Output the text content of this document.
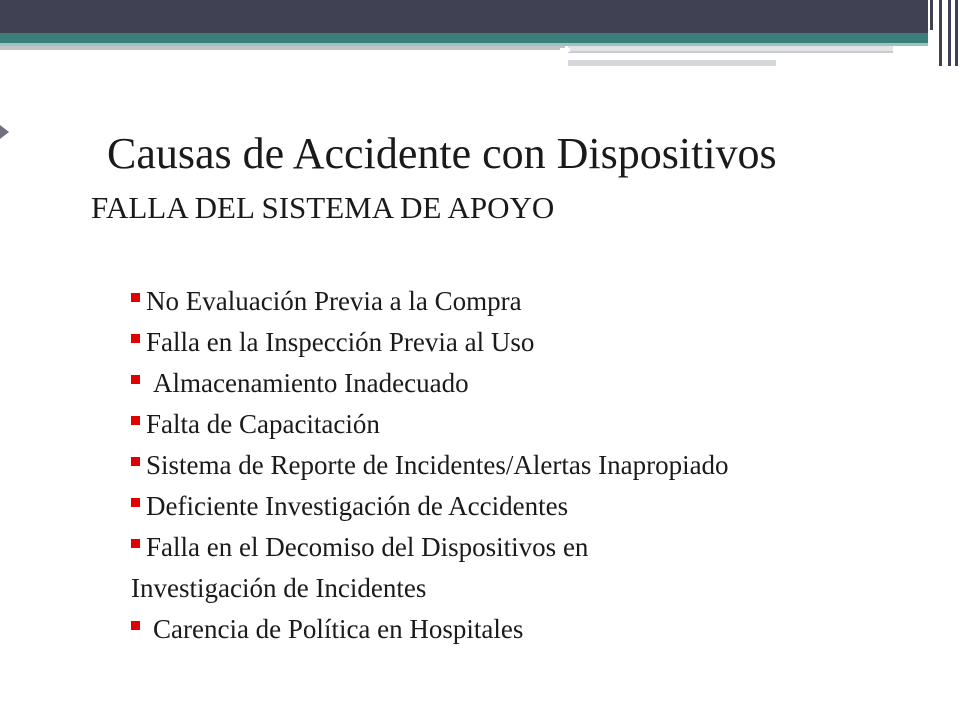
Causas de Accidente con Dispositivos
FALLA DEL SISTEMA DE APOYO
No Evaluación Previa a la Compra
Falla en la Inspección Previa al Uso
Almacenamiento Inadecuado
Falta de Capacitación
Sistema de Reporte de Incidentes/Alertas Inapropiado
Deficiente Investigación de Accidentes
Falla en el Decomiso del Dispositivos en Investigación de Incidentes
Carencia de Política en Hospitales
